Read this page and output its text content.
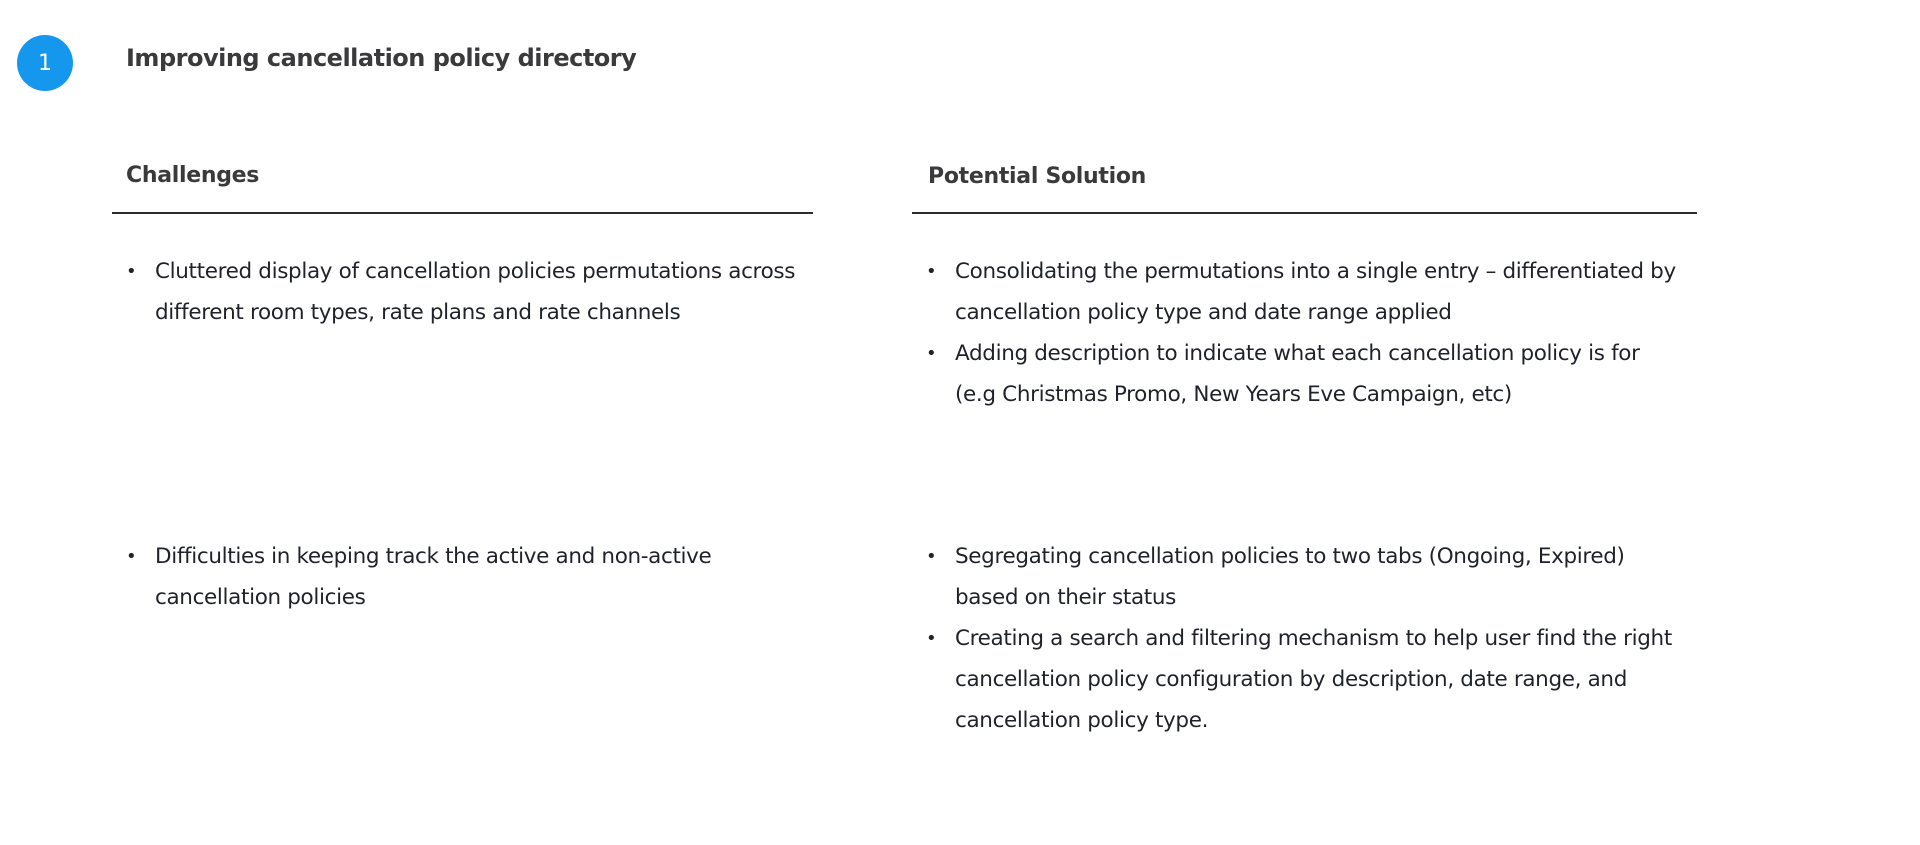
1	Improving cancellation policy directory
Challenges	Potential Solution
• Cluttered display of cancellation policies permutations across different room types, rate plans and rate channels
• Consolidating the permutations into a single entry – differentiated by cancellation policy type and date range applied
• Adding description to indicate what each cancellation policy is for (e.g Christmas Promo, New Years Eve Campaign, etc)
• Difficulties in keeping track the active and non-active cancellation policies
• Segregating cancellation policies to two tabs (Ongoing, Expired) based on their status
• Creating a search and filtering mechanism to help user find the right cancellation policy configuration by description, date range, and cancellation policy type.
